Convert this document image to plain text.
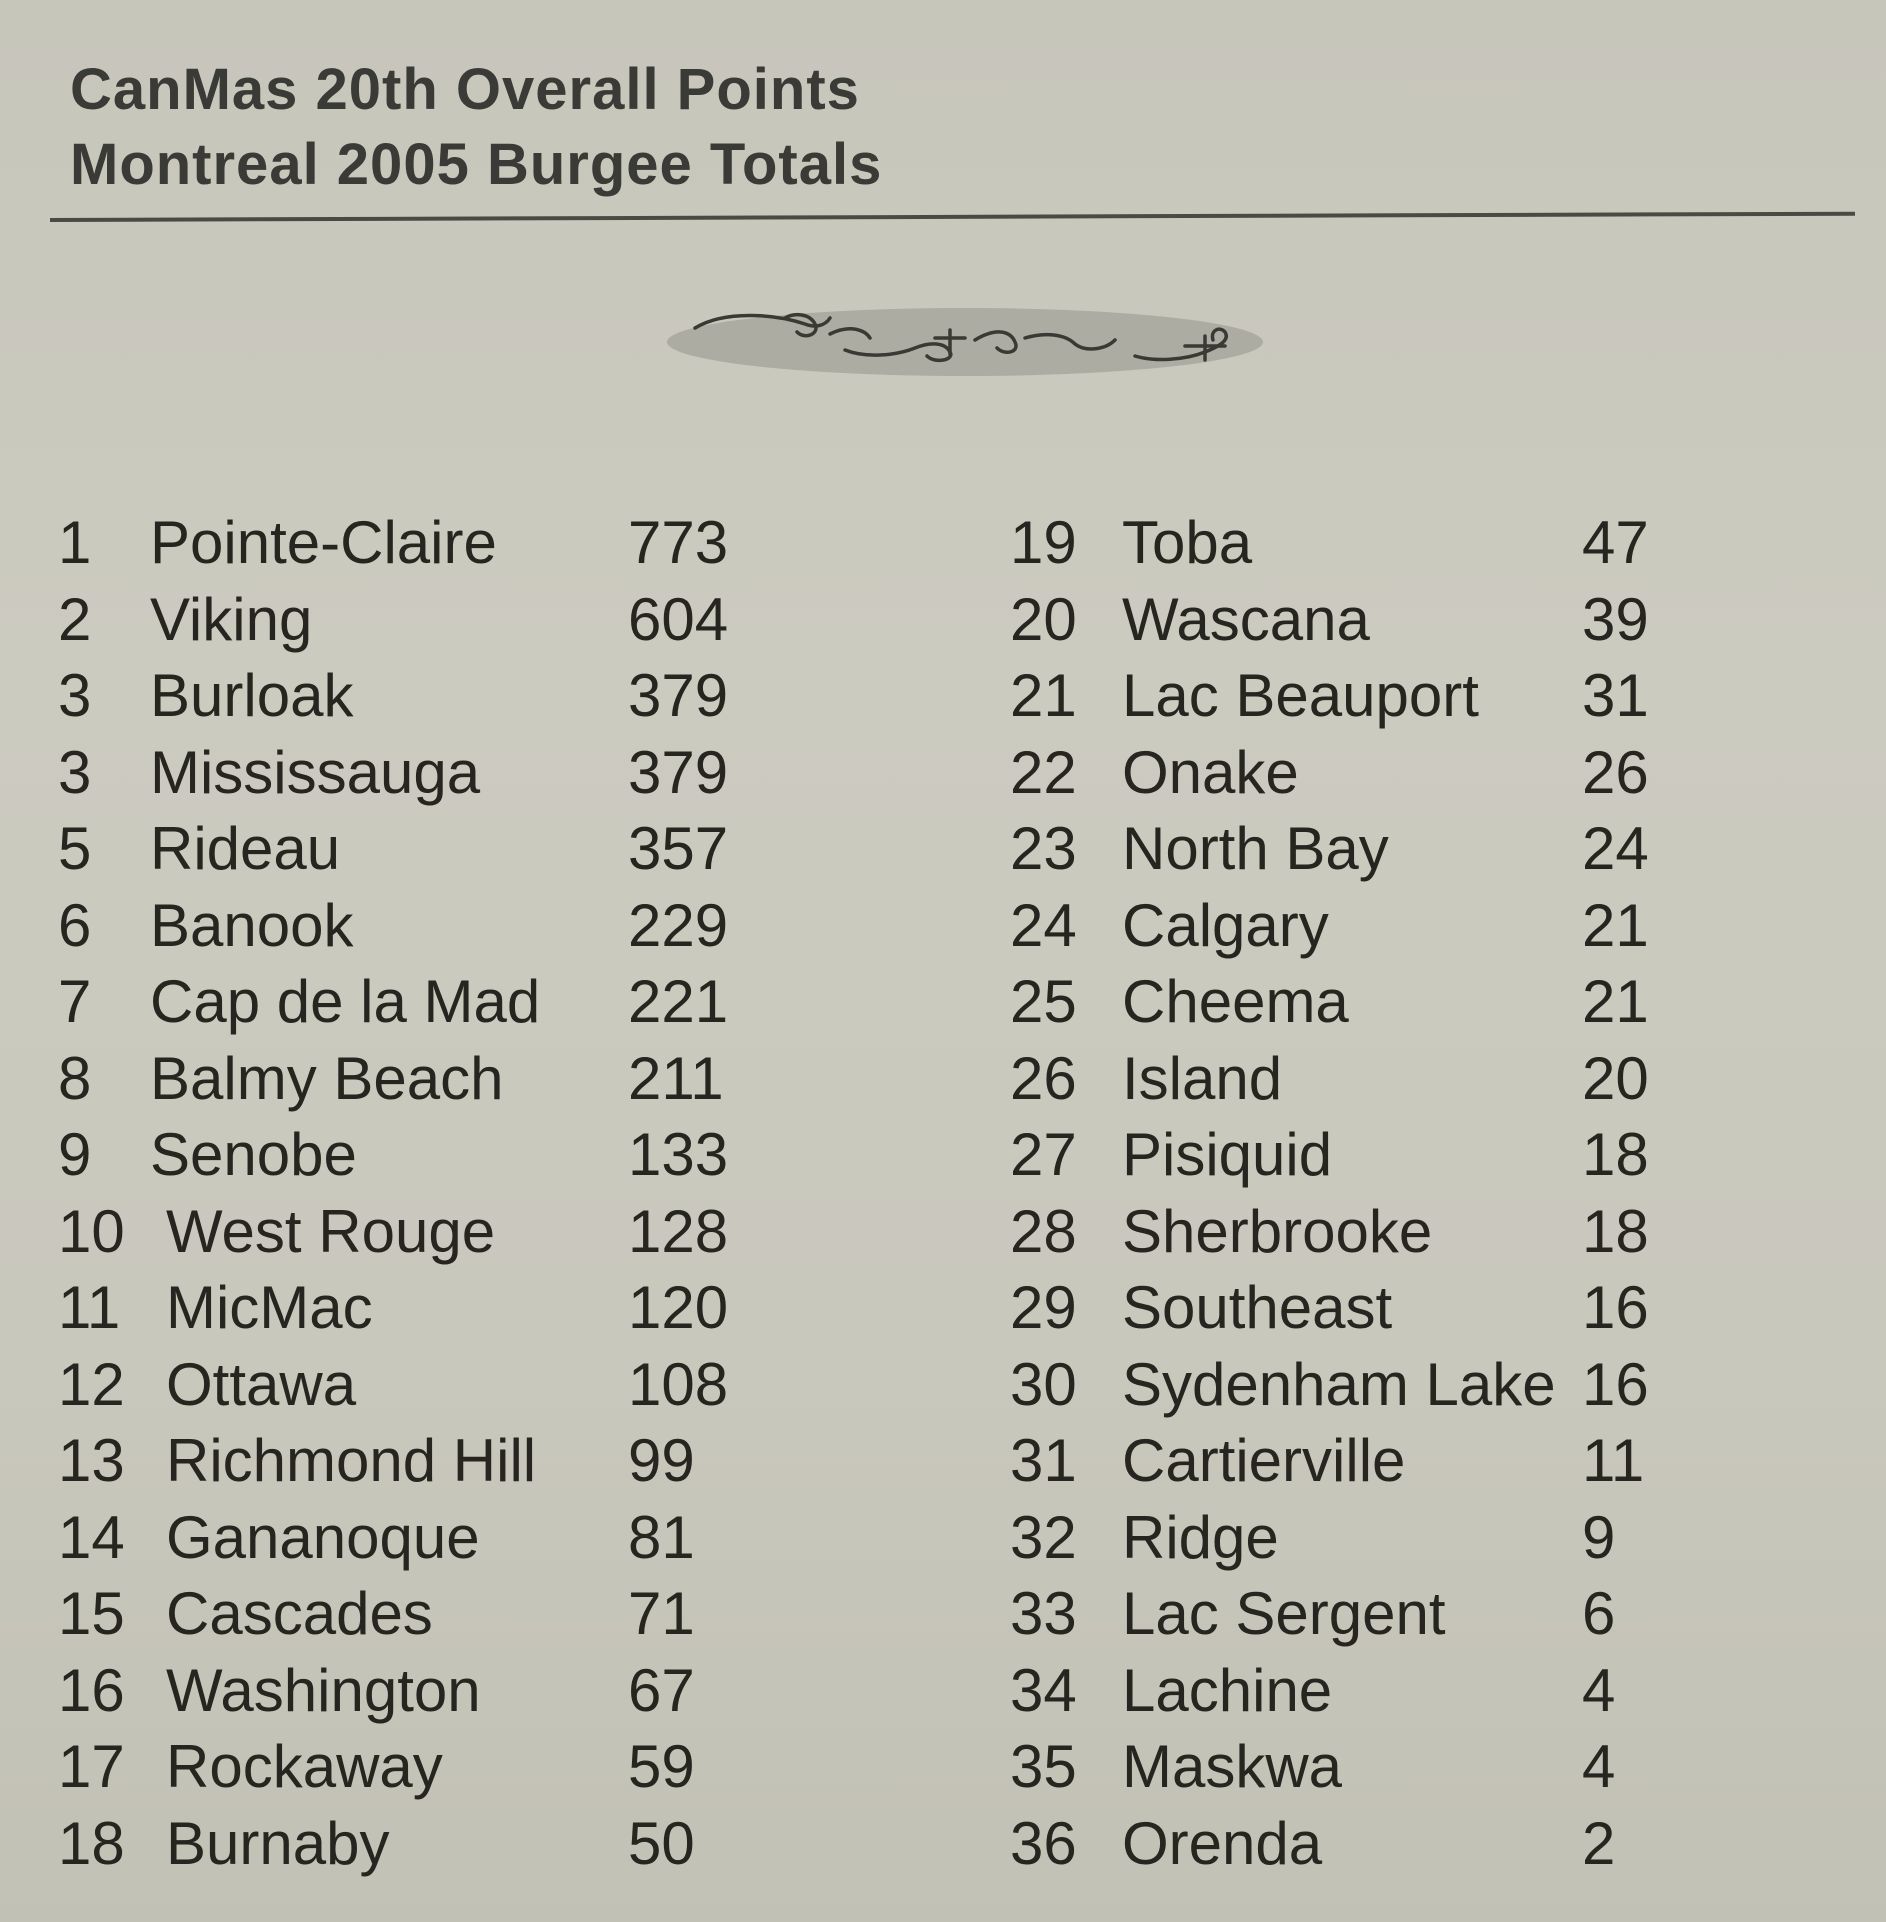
CanMas 20th Overall Points
Montreal 2005 Burgee Totals
1 Pointe-Claire 773
2 Viking	604
3 Burloak	379
3 Mississauga 379
5 Rideau	357
6 Banook	229
7 Cap de la Mad 221
8 Balmy Beach 211
9 Senobe	133
10 West Rouge 128
11 MicMac	120
12 Ottawa	108
13 Richmond Hill 99
14 Gananoque 81
15 Cascades	71
16 Washington 67
17 Rockaway	59
18 Burnaby	50
19 Toba	47
20 Wascana	39
21 Lac Beauport 31
22 Onake	26
23 North Bay	24
24 Calgary	21
25 Cheema	21
26 Island	20
27 Pisiquid	18
28 Sherbrooke 18
29 Southeast	16
30 Sydenham Lake 16
31 Cartierville	11
32 Ridge	9
33 Lac Sergent 6
34 Lachine	4
35 Maskwa	4
36 Orenda	2
